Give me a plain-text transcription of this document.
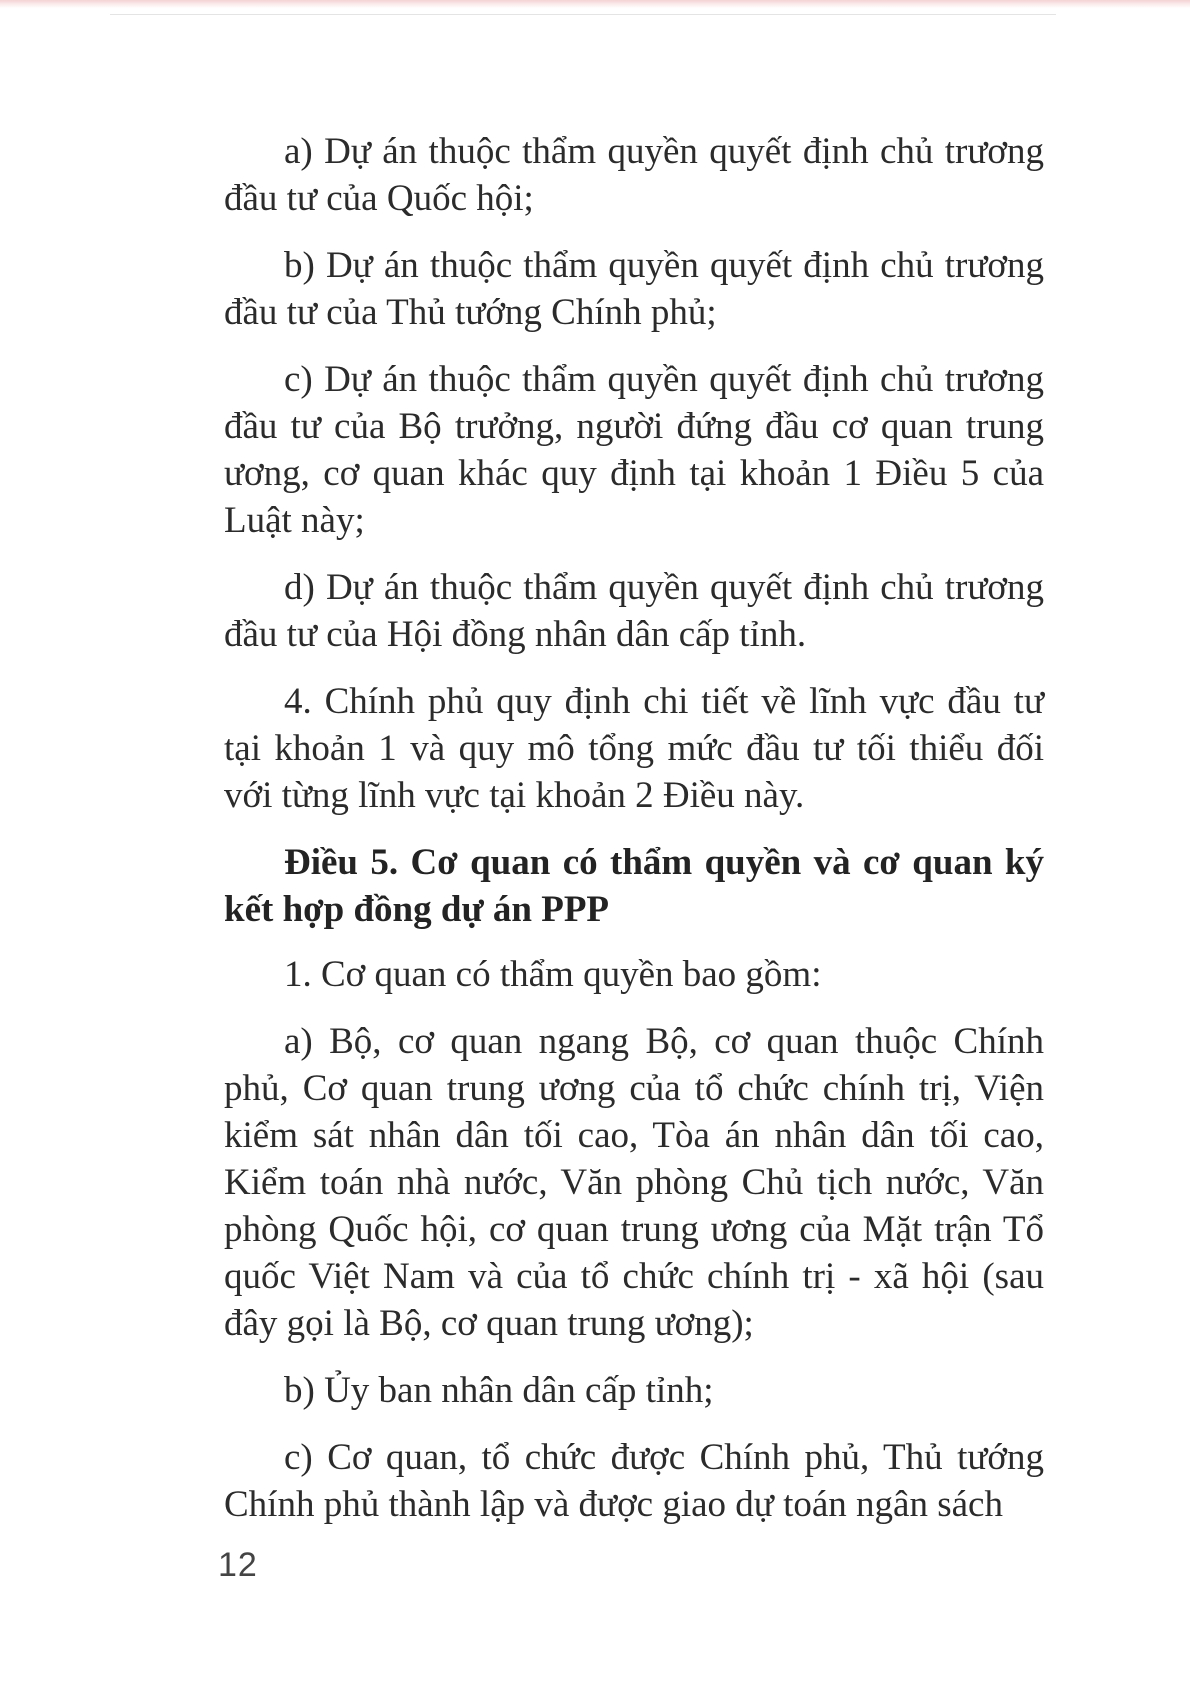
a) Dự án thuộc thẩm quyền quyết định chủ trương đầu tư của Quốc hội;

b) Dự án thuộc thẩm quyền quyết định chủ trương đầu tư của Thủ tướng Chính phủ;

c) Dự án thuộc thẩm quyền quyết định chủ trương đầu tư của Bộ trưởng, người đứng đầu cơ quan trung ương, cơ quan khác quy định tại khoản 1 Điều 5 của Luật này;

d) Dự án thuộc thẩm quyền quyết định chủ trương đầu tư của Hội đồng nhân dân cấp tỉnh.

4. Chính phủ quy định chi tiết về lĩnh vực đầu tư tại khoản 1 và quy mô tổng mức đầu tư tối thiểu đối với từng lĩnh vực tại khoản 2 Điều này.

Điều 5. Cơ quan có thẩm quyền và cơ quan ký kết hợp đồng dự án PPP

1. Cơ quan có thẩm quyền bao gồm:

a) Bộ, cơ quan ngang Bộ, cơ quan thuộc Chính phủ, Cơ quan trung ương của tổ chức chính trị, Viện kiểm sát nhân dân tối cao, Tòa án nhân dân tối cao, Kiểm toán nhà nước, Văn phòng Chủ tịch nước, Văn phòng Quốc hội, cơ quan trung ương của Mặt trận Tổ quốc Việt Nam và của tổ chức chính trị - xã hội (sau đây gọi là Bộ, cơ quan trung ương);

b) Ủy ban nhân dân cấp tỉnh;

c) Cơ quan, tổ chức được Chính phủ, Thủ tướng Chính phủ thành lập và được giao dự toán ngân sách

12
